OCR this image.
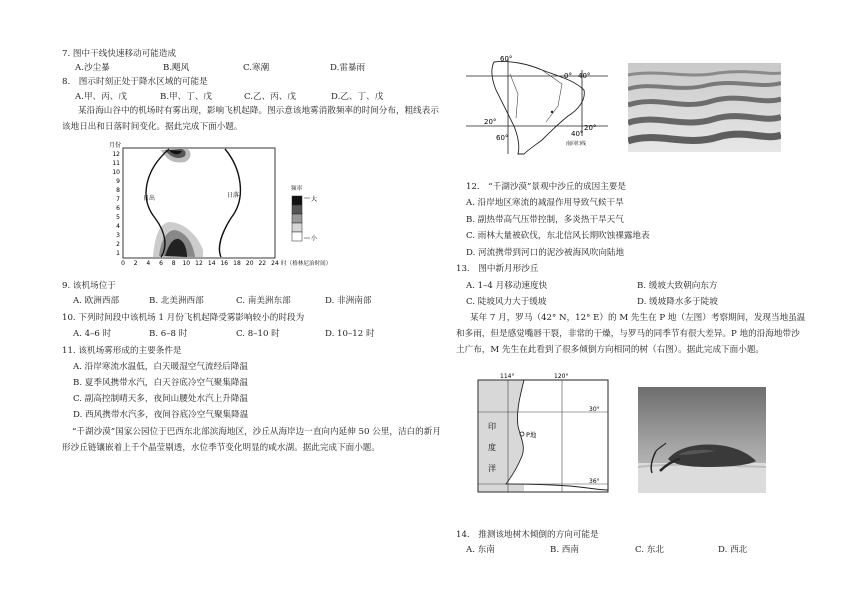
7. 图中干线快速移动可能造成
A.沙尘暴	B.飓风	C.寒潮	D.雷暴雨
8.　图示时刻正处于降水区域的可能是
A.甲、丙、戊	B.甲、丁、戊	C.乙、丙、戊	D.乙、丁、戊
某沿海山谷中的机场时有雾出现，影响飞机起降。图示意该地雾消散频率的时间分布，粗线表示该地日出和日落时间变化。据此完成下面小题。
月份
12
11
10
9
8
7
6
5
4
3
2
1
日出	日落
0 2 4 6 8 10 12 14 16 18 20 22 24 时（格林尼治时间）
频率
大
小
9. 该机场位于
A. 欧洲西部	B. 北美洲西部	C. 南美洲东部	D. 非洲南部
10. 下列时间段中该机场 1 月份飞机起降受雾影响较小的时段为
A. 4–6 时	B. 6–8 时	C. 8–10 时	D. 10–12 时
11. 该机场雾形成的主要条件是
A. 沿岸寒流水温低，白天暖湿空气流经后降温
B. 夏季风携带水汽，白天谷底冷空气聚集降温
C. 副高控制晴天多，夜间山腰处水汽上升降温
D. 西风携带水汽多，夜间谷底冷空气聚集降温
“千湖沙漠”国家公园位于巴西东北部滨海地区，沙丘从海岸边一直向内延伸 50 公里，洁白的新月形沙丘链镶嵌着上千个晶莹剔透，水位季节变化明显的咸水湖。据此完成下面小题。
60°
0° 40°
20°
20°
60°	40°
南回归线
12.　“千湖沙漠”景观中沙丘的成因主要是
A. 沿岸地区寒流的减湿作用导致气候干旱
B. 副热带高气压带控制，多炎热干旱天气
C. 雨林大量被砍伐，东北信风长期吹蚀裸露地表
D. 河流携带到河口的泥沙被海风吹向陆地
13.　图中新月形沙丘
A. 1–4 月移动速度快	B. 缓坡大致朝向东方
C. 陡坡风力大于缓坡	D. 缓坡降水多于陡坡
某年 7 月，罗马（42° N，12° E）的 M 先生在 P 地（左图）考察期间，发现当地虽温和多雨，但是感觉嘴唇干裂，非常的干燥，与罗马的同季节有很大差异。P 地的沿海地带沙土广布，M 先生在此看到了很多倾倒方向相同的树（右图）。据此完成下面小题。
114°	120°
30°
36°
印
度
洋
P地
14.　推测该地树木倾倒的方向可能是
A. 东南	B. 西南	C. 东北	D. 西北
